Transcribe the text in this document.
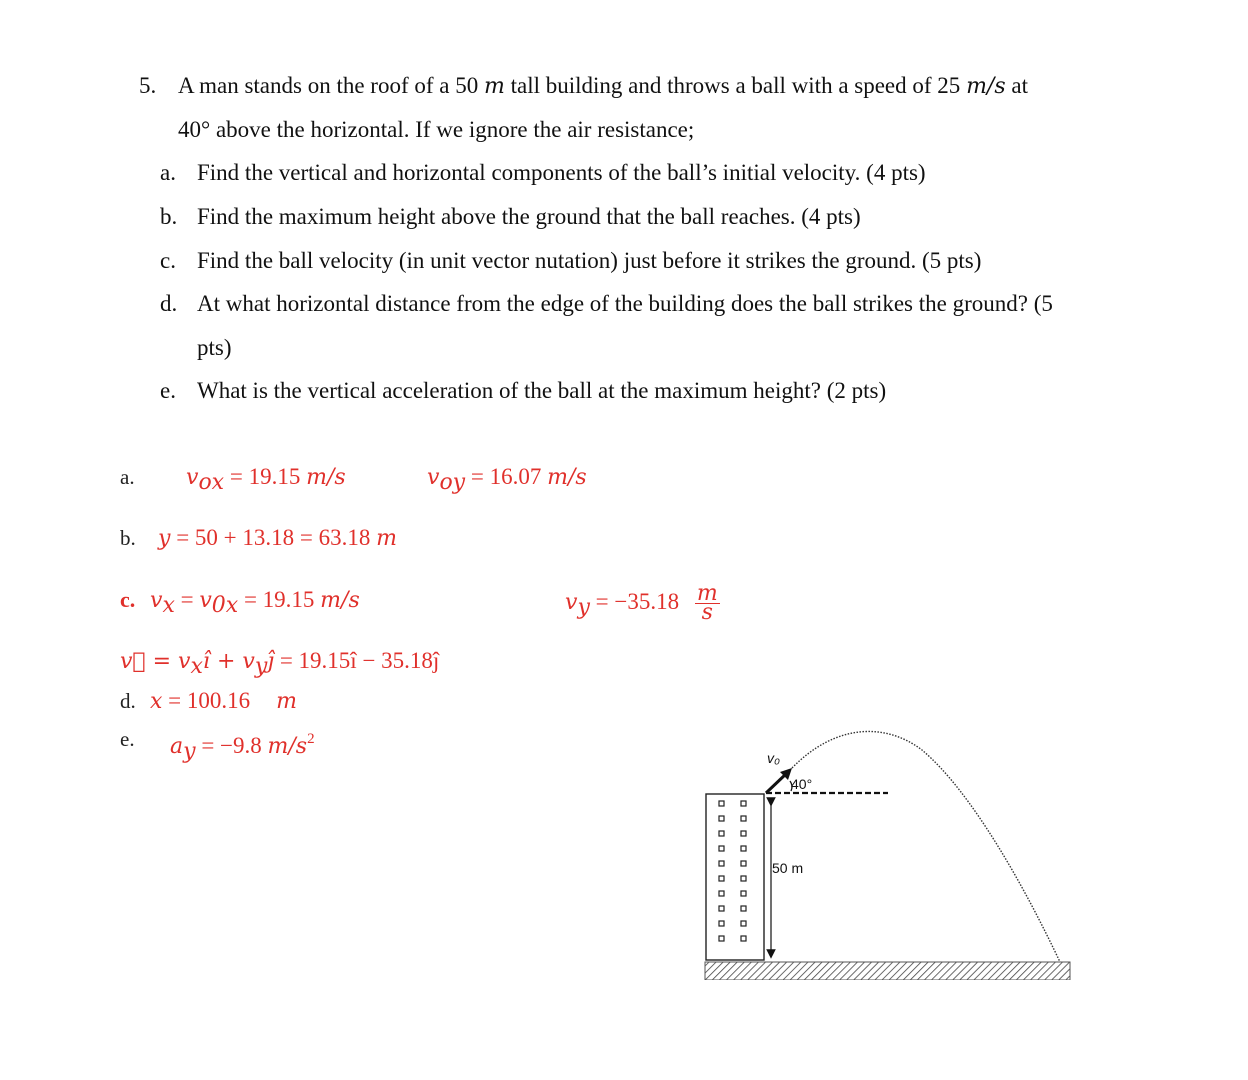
5. A man stands on the roof of a 50 m tall building and throws a ball with a speed of 25 m/s at
40° above the horizontal. If we ignore the air resistance;
a. Find the vertical and horizontal components of the ball’s initial velocity. (4 pts)
b. Find the maximum height above the ground that the ball reaches. (4 pts)
c. Find the ball velocity (in unit vector nutation) just before it strikes the ground. (5 pts)
d. At what horizontal distance from the edge of the building does the ball strikes the ground? (5
pts)
e. What is the vertical acceleration of the ball at the maximum height? (2 pts)
a. $v_{ox} = 19.15$ m/s	$v_{oy} = 16.07$ m/s
b. y = 50 + 13.18 = 63.18 m
c. $v_x = v_{0x} = 19.15$ m/s	$v_y = -35.18 \frac{m}{s}$
v⃗ = $v_xî$ + $v_yĵ$ = 19.15î − 35.18ĵ
d. x = 100.16 m
e. $a_y = -9.8$ $m/s^2$
50 m
40°
v₀
